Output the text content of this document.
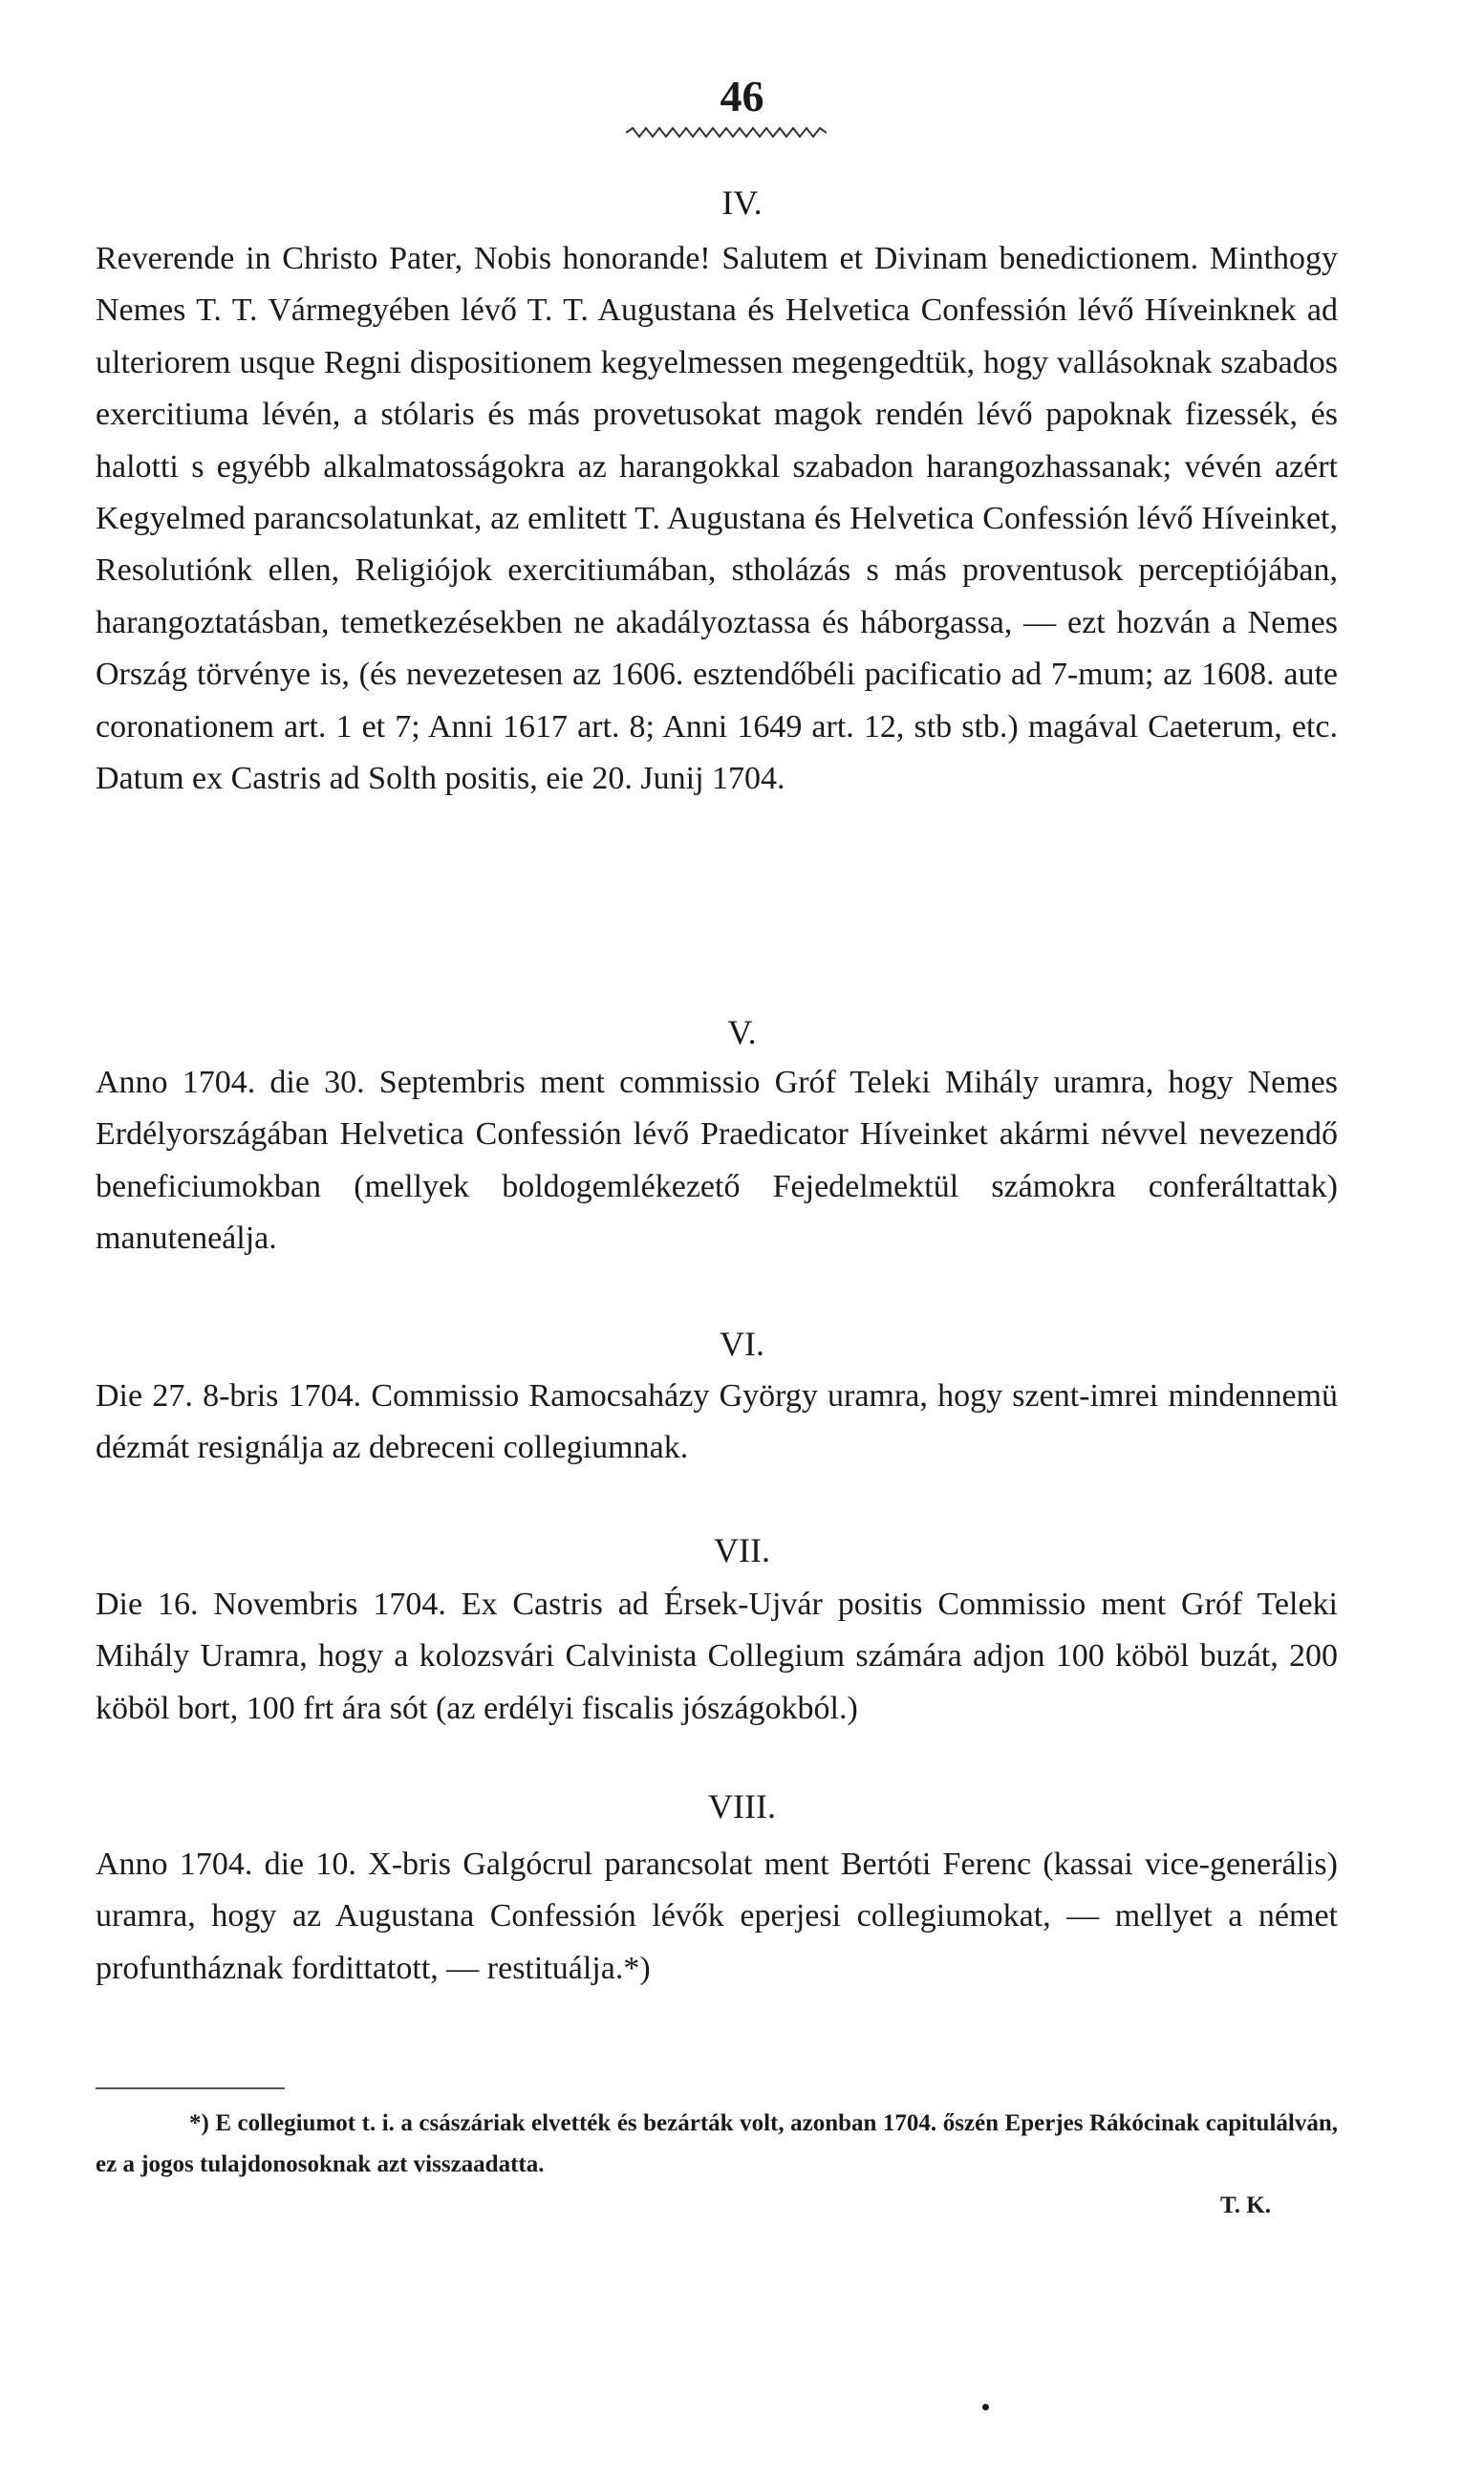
46
IV.
Reverende in Christo Pater, Nobis honorande! Salutem et Divinam benedictionem. Minthogy Nemes T. T. Vármegyében lévő T. T. Augustana és Helvetica Confessión lévő Híveinknek ad ulteriorem usque Regni dispositionem kegyelmessen megengedtük, hogy vallásoknak szabados exercitiuma lévén, a stólaris és más provetusokat magok rendén lévő papoknak fizessék, és halotti s egyébb alkalmatosságokra az harangokkal szabadon harangozhassanak; vévén azért Kegyelmed parancsolatunkat, az emlitett T. Augustana és Helvetica Confessión lévő Híveinket, Resolutiónk ellen, Religiójok exercitiumában, stholázás s más proventusok perceptiójában, harangoztatásban, temetkezésekben ne akadályoztassa és háborgassa, — ezt hozván a Nemes Ország törvénye is, (és nevezetesen az 1606. esztendőbéli pacificatio ad 7-mum; az 1608. aute coronationem art. 1 et 7; Anni 1617 art. 8; Anni 1649 art. 12, stb stb.) magával Caeterum, etc. Datum ex Castris ad Solth positis, eie 20. Junij 1704.
V.
Anno 1704. die 30. Septembris ment commissio Gróf Teleki Mihály uramra, hogy Nemes Erdélyországában Helvetica Confessión lévő Praedicator Híveinket akármi névvel nevezendő beneficiumokban (mellyek boldogemlékezető Fejedelmektül számokra conferáltattak) manuteneálja.
VI.
Die 27. 8-bris 1704. Commissio Ramocsaházy György uramra, hogy szent-imrei mindennemü dézmát resignálja az debreceni collegiumnak.
VII.
Die 16. Novembris 1704. Ex Castris ad Érsek-Ujvár positis Commissio ment Gróf Teleki Mihály Uramra, hogy a kolozsvári Calvinista Collegium számára adjon 100 köböl buzát, 200 köböl bort, 100 frt ára sót (az erdélyi fiscalis jószágokból.)
VIII.
Anno 1704. die 10. X-bris Galgócrul parancsolat ment Bertóti Ferenc (kassai vice-generális) uramra, hogy az Augustana Confessión lévők eperjesi collegiumokat, — mellyet a német profuntháznak fordittatott, — restituálja.*)
*) E collegiumot t. i. a császáriak elvették és bezárták volt, azonban 1704. őszén Eperjes Rákócinak capitulálván, ez a jogos tulajdonosoknak azt visszaadatta.
T. K.
